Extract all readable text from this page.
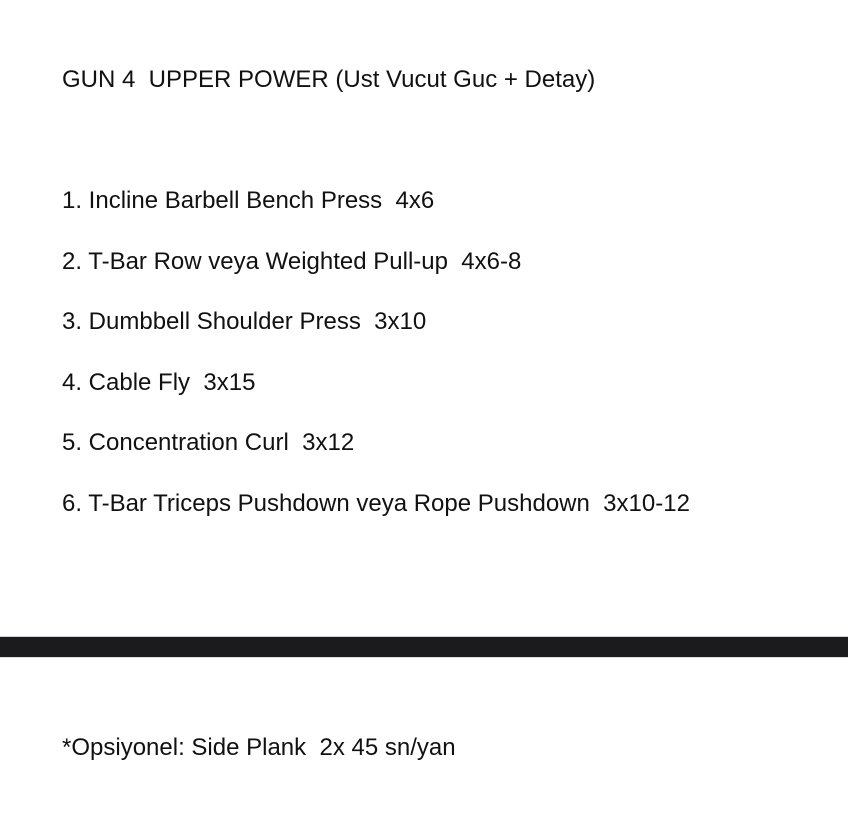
GUN 4  UPPER POWER (Ust Vucut Guc + Detay)
1. Incline Barbell Bench Press  4x6
2. T-Bar Row veya Weighted Pull-up  4x6-8
3. Dumbbell Shoulder Press  3x10
4. Cable Fly  3x15
5. Concentration Curl  3x12
6. T-Bar Triceps Pushdown veya Rope Pushdown  3x10-12

*Opsiyonel: Side Plank  2x 45 sn/yan
